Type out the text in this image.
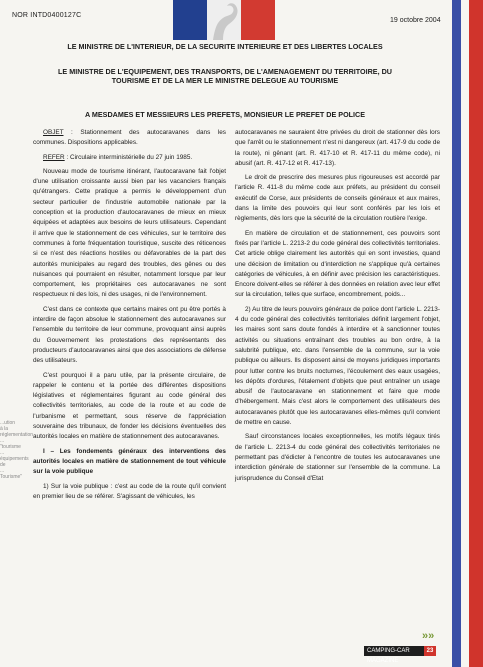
NOR INTD0400127C
19 octobre 2004
LE MINISTRE DE L'INTERIEUR, DE LA SECURITE INTERIEURE ET DES LIBERTES LOCALES
LE MINISTRE DE L'EQUIPEMENT, DES TRANSPORTS, DE L'AMENAGEMENT DU TERRITOIRE, DU TOURISME ET DE LA MER LE MINISTRE DELEGUE AU TOURISME
A MESDAMES ET MESSIEURS LES PREFETS, MONSIEUR LE PREFET DE POLICE

OBJET : Stationnement des autocaravanes dans les communes. Dispositions applicables.

REFER : Circulaire interministérielle du 27 juin 1985.

Nouveau mode de tourisme itinérant, l'autocaravane fait l'objet d'une utilisation croissante aussi bien par les vacanciers français qu'étrangers. Cette pratique a permis le développement d'un secteur particulier de l'industrie automobile nationale par la conception et la production d'autocaravanes de mieux en mieux équipées et adaptées aux besoins de leurs utilisateurs. Cependant il arrive que le stationnement de ces véhicules, sur le territoire des communes à forte fréquentation touristique, suscite des réticences si ce n'est des réactions hostiles ou défavorables de la part des autorités municipales au regard des troubles, des gênes ou des nuisances qui pourraient en résulter, notamment lorsque par leur comportement, les propriétaires ces autocaravanes ne sont respectueux ni des lois, ni des usages, ni de l'environnement.

C'est dans ce contexte que certains maires ont pu être portés à interdire de façon absolue le stationnement des autocaravanes sur l'ensemble du territoire de leur commune, provoquant ainsi auprès du Gouvernement les protestations des représentants des producteurs d'autocaravanes ainsi que des associations de défense des utilisateurs.

C'est pourquoi il a paru utile, par la présente circulaire, de rappeler le contenu et la portée des différentes dispositions législatives et réglementaires figurant au code général des collectivités territoriales, au code de la route et au code de l'urbanisme et permettant, sous réserve de l'appréciation souveraine des tribunaux, de fonder les décisions éventuelles des autorités locales en matière de stationnement des autocaravanes.

I – Les fondements généraux des interventions des autorités locales en matière de stationnement de tout véhicule sur la voie publique

1) Sur la voie publique : c'est au code de la route qu'il convient en premier lieu de se référer. S'agissant de véhicules, les

autocaravanes ne sauraient être privées du droit de stationner dès lors que l'arrêt ou le stationnement n'est ni dangereux (art. 417-9 du code de la route), ni gênant (art. R. 417-10 et R. 417-11 du même code), ni abusif (art. R. 417-12 et R. 417-13).

Le droit de prescrire des mesures plus rigoureuses est accordé par l'article R. 411-8 du même code aux préfets, au président du conseil exécutif de Corse, aux présidents de conseils généraux et aux maires, dans la limite des pouvoirs qui leur sont conférés par les lois et règlements, dès lors que la sécurité de la circulation routière l'exige.

En matière de circulation et de stationnement, ces pouvoirs sont fixés par l'article L. 2213-2 du code général des collectivités territoriales. Cet article oblige clairement les autorités qui en sont investies, quand une décision de limitation ou d'interdiction ne s'applique qu'à certaines catégories de véhicules, à en définir avec précision les caractéristiques. Encore doivent-elles se référer à des données en relation avec leur effet sur la circulation, telles que surface, encombrement, poids...

2) Au titre de leurs pouvoirs généraux de police dont l'article L. 2213-4 du code général des collectivités territoriales définit largement l'objet, les maires sont sans doute fondés à interdire et à sanctionner toutes activités ou situations entraînant des troubles au bon ordre, à la salubrité publique, etc. dans l'ensemble de la commune, sur la voie publique ou ailleurs. Ils disposent ainsi de moyens juridiques importants pour lutter contre les bruits nocturnes, l'écoulement des eaux usagées, les dépôts d'ordures, l'étalement d'objets que peut entraîner un usage abusif de l'autocaravane en stationnement et faire que mode d'hébergement. Mais c'est alors le comportement des utilisateurs des autocaravanes plutôt que les autocaravanes elles-mêmes qu'il convient de mettre en cause.

Sauf circonstances locales exceptionnelles, les motifs légaux tirés de l'article L. 2213-4 du code général des collectivités territoriales ne permettant pas d'édicter à l'encontre de toutes les autocaravanes une interdiction générale de stationner sur l'ensemble de la commune. La jurisprudence du Conseil d'Etat

...ution à la réglementation ... "tourisme ... équipements de ... Tourisme"
»»
CAMPING-CAR MAGAZINE
23
